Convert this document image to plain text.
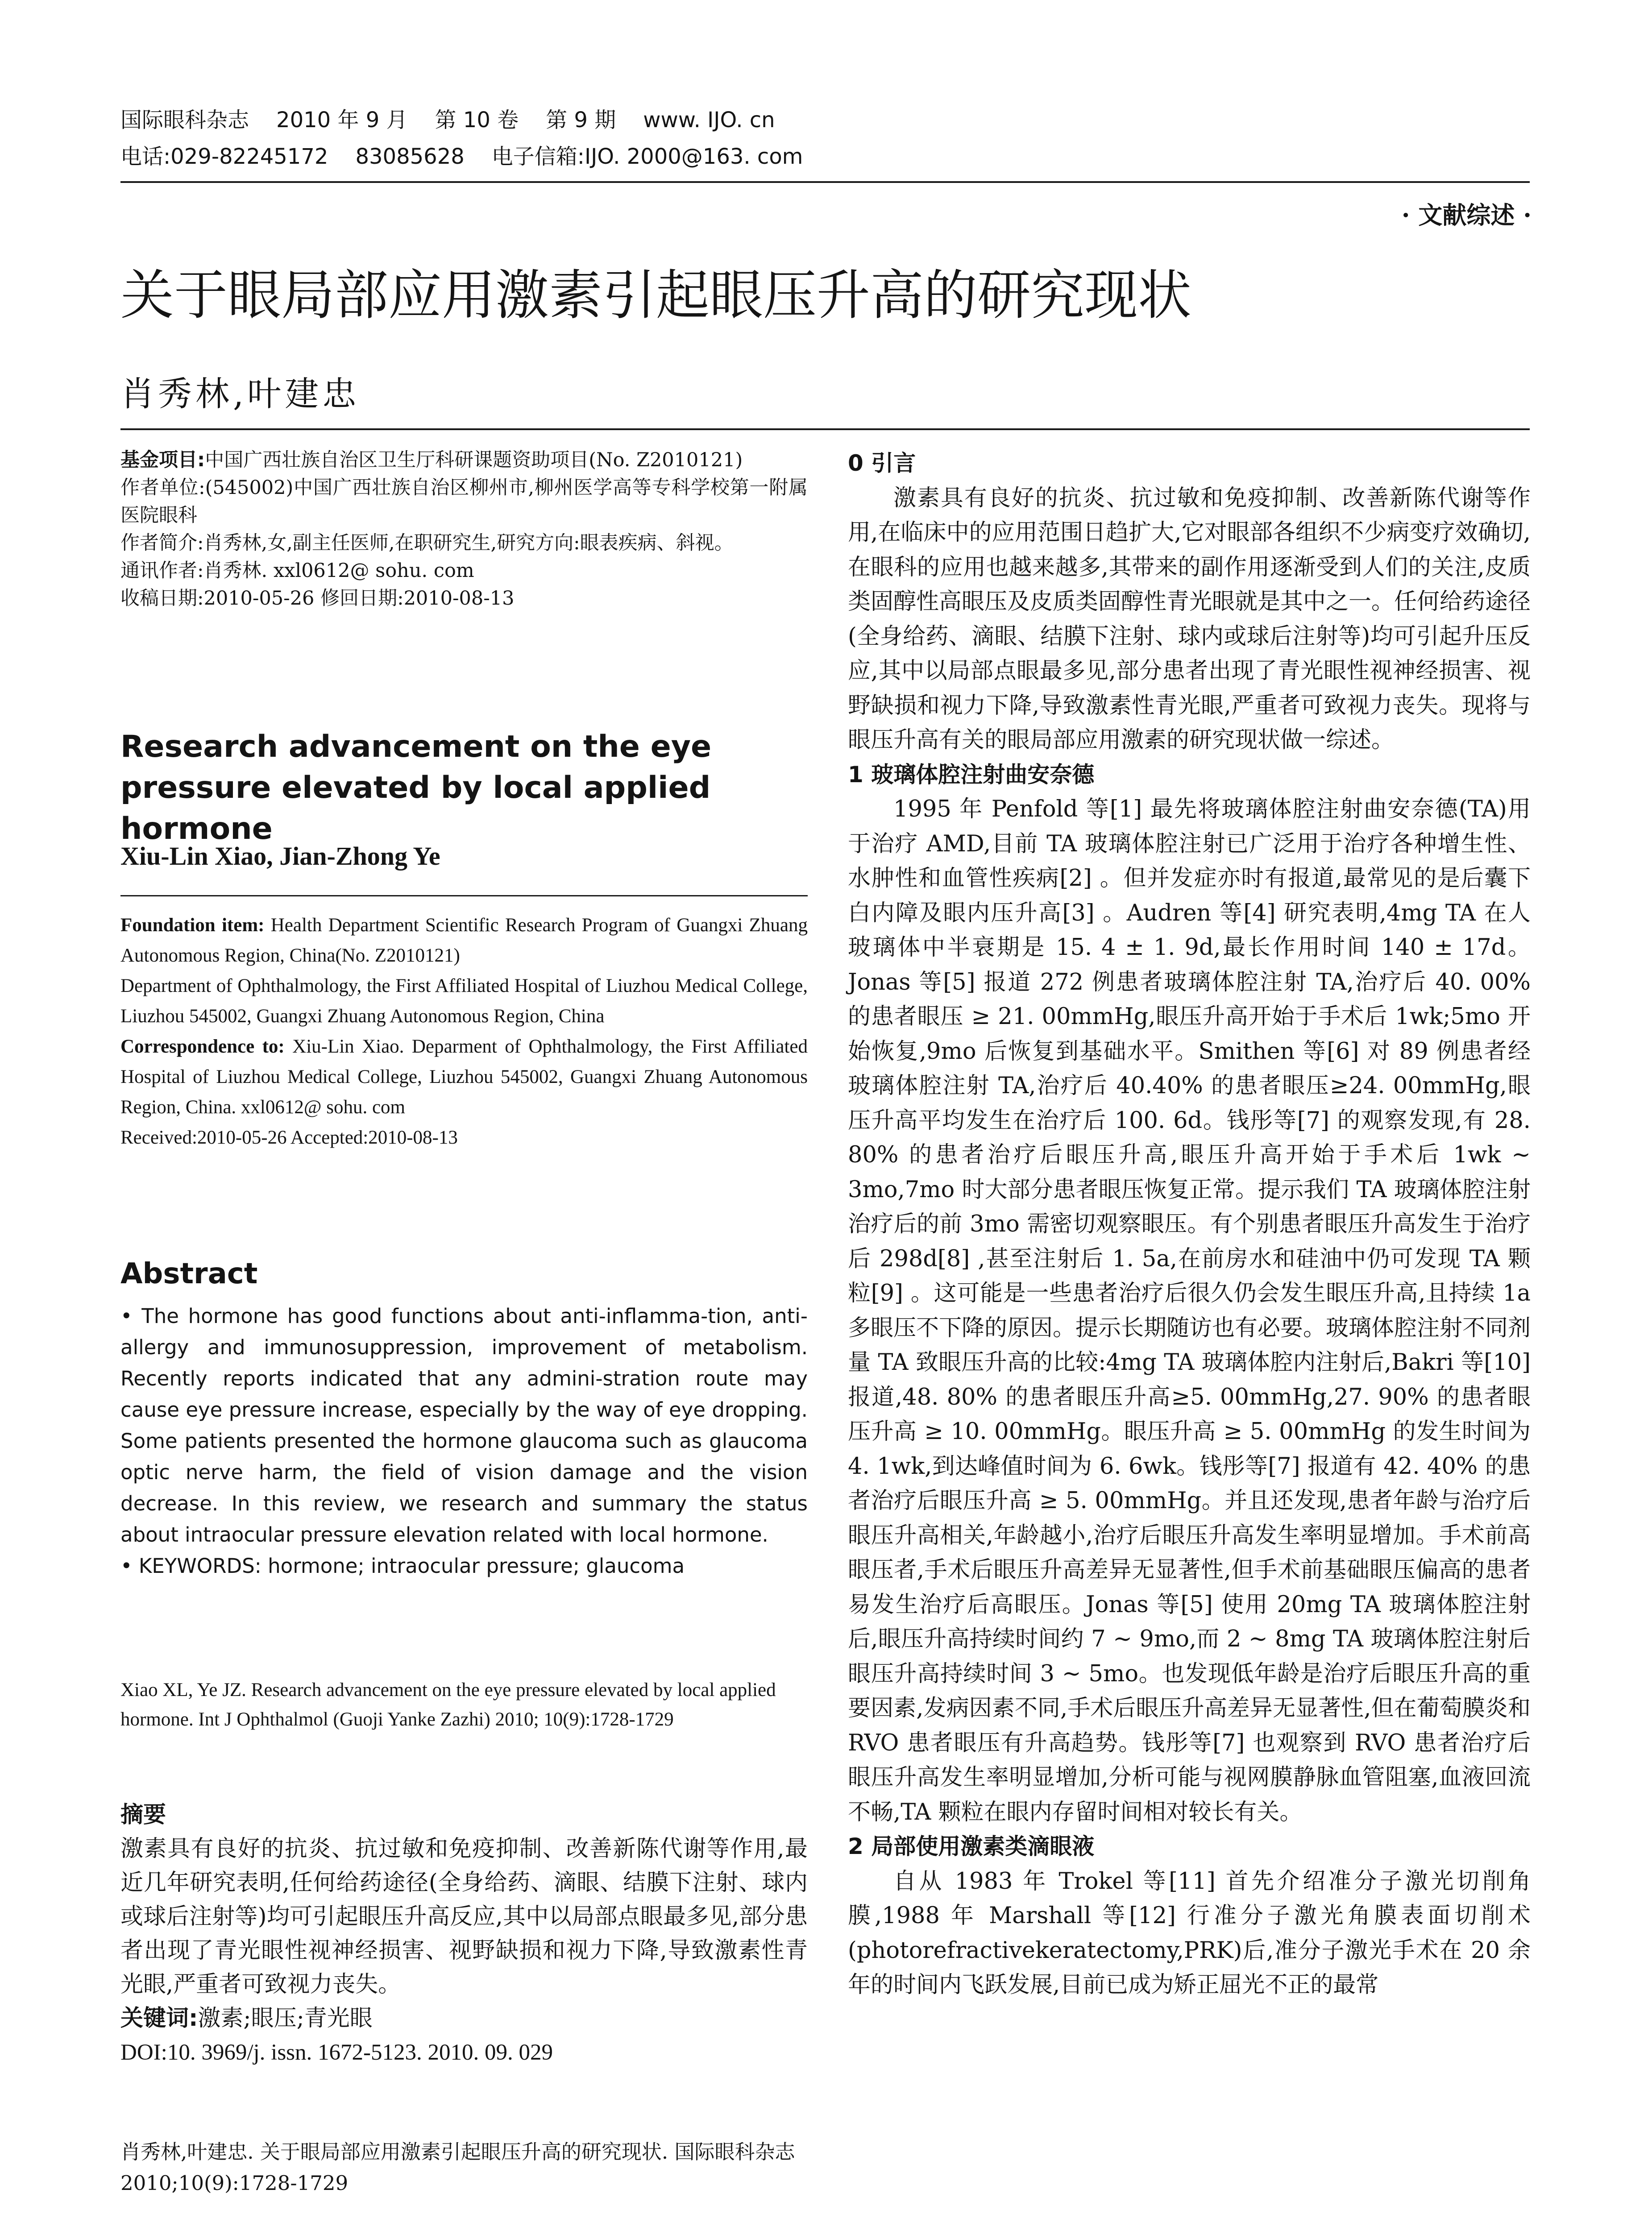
国际眼科杂志    2010 年 9 月    第 10 卷    第 9 期    www. IJO. cn
电话:029-82245172    83085628    电子信箱:IJO. 2000@163. com
· 文献综述 ·
关于眼局部应用激素引起眼压升高的研究现状
肖秀林,叶建忠

基金项目:中国广西壮族自治区卫生厅科研课题资助项目(No. Z2010121)

作者单位:(545002)中国广西壮族自治区柳州市,柳州医学高等专科学校第一附属医院眼科

作者简介:肖秀林,女,副主任医师,在职研究生,研究方向:眼表疾病、斜视。

通讯作者:肖秀林. xxl0612@ sohu. com

收稿日期:2010-05-26 修回日期:2010-08-13

Research advancement on the eye pressure elevated by local applied hormone
Xiu-Lin Xiao, Jian-Zhong Ye

Foundation item: Health Department Scientific Research Program of Guangxi Zhuang Autonomous Region, China(No. Z2010121)

Department of Ophthalmology, the First Affiliated Hospital of Liuzhou Medical College, Liuzhou 545002, Guangxi Zhuang Autonomous Region, China

Correspondence to: Xiu-Lin Xiao. Deparment of Ophthalmology, the First Affiliated Hospital of Liuzhou Medical College, Liuzhou 545002, Guangxi Zhuang Autonomous Region, China. xxl0612@ sohu. com

Received:2010-05-26 Accepted:2010-08-13

Abstract

• The hormone has good functions about anti-inflamma-tion, anti-allergy and immunosuppression, improvement of metabolism. Recently reports indicated that any admini-stration route may cause eye pressure increase, especially by the way of eye dropping. Some patients presented the hormone glaucoma such as glaucoma optic nerve harm, the field of vision damage and the vision decrease. In this review, we research and summary the status about intraocular pressure elevation related with local hormone.

• KEYWORDS: hormone; intraocular pressure; glaucoma

Xiao XL, Ye JZ. Research advancement on the eye pressure elevated by local applied hormone. Int J Ophthalmol (Guoji Yanke Zazhi) 2010; 10(9):1728-1729

摘要

激素具有良好的抗炎、抗过敏和免疫抑制、改善新陈代谢等作用,最近几年研究表明,任何给药途径(全身给药、滴眼、结膜下注射、球内或球后注射等)均可引起眼压升高反应,其中以局部点眼最多见,部分患者出现了青光眼性视神经损害、视野缺损和视力下降,导致激素性青光眼,严重者可致视力丧失。

关键词:激素;眼压;青光眼

DOI:10. 3969/j. issn. 1672-5123. 2010. 09. 029

肖秀林,叶建忠. 关于眼局部应用激素引起眼压升高的研究现状. 国际眼科杂志 2010;10(9):1728-1729
0 引言

激素具有良好的抗炎、抗过敏和免疫抑制、改善新陈代谢等作用,在临床中的应用范围日趋扩大,它对眼部各组织不少病变疗效确切,在眼科的应用也越来越多,其带来的副作用逐渐受到人们的关注,皮质类固醇性高眼压及皮质类固醇性青光眼就是其中之一。任何给药途径(全身给药、滴眼、结膜下注射、球内或球后注射等)均可引起升压反应,其中以局部点眼最多见,部分患者出现了青光眼性视神经损害、视野缺损和视力下降,导致激素性青光眼,严重者可致视力丧失。现将与眼压升高有关的眼局部应用激素的研究现状做一综述。

1 玻璃体腔注射曲安奈德

1995 年 Penfold 等[1] 最先将玻璃体腔注射曲安奈德(TA)用于治疗 AMD,目前 TA 玻璃体腔注射已广泛用于治疗各种增生性、水肿性和血管性疾病[2] 。但并发症亦时有报道,最常见的是后囊下白内障及眼内压升高[3] 。Audren 等[4] 研究表明,4mg TA 在人玻璃体中半衰期是 15. 4 ± 1. 9d,最长作用时间 140 ± 17d。Jonas 等[5] 报道 272 例患者玻璃体腔注射 TA,治疗后 40. 00% 的患者眼压 ≥ 21. 00mmHg,眼压升高开始于手术后 1wk;5mo 开始恢复,9mo 后恢复到基础水平。Smithen 等[6] 对 89 例患者经玻璃体腔注射 TA,治疗后 40.40% 的患者眼压≥24. 00mmHg,眼压升高平均发生在治疗后 100. 6d。钱彤等[7] 的观察发现,有 28. 80% 的患者治疗后眼压升高,眼压升高开始于手术后 1wk ~ 3mo,7mo 时大部分患者眼压恢复正常。提示我们 TA 玻璃体腔注射治疗后的前 3mo 需密切观察眼压。有个别患者眼压升高发生于治疗后 298d[8] ,甚至注射后 1. 5a,在前房水和硅油中仍可发现 TA 颗粒[9] 。这可能是一些患者治疗后很久仍会发生眼压升高,且持续 1a 多眼压不下降的原因。提示长期随访也有必要。玻璃体腔注射不同剂量 TA 致眼压升高的比较:4mg TA 玻璃体腔内注射后,Bakri 等[10] 报道,48. 80% 的患者眼压升高≥5. 00mmHg,27. 90% 的患者眼压升高 ≥ 10. 00mmHg。眼压升高 ≥ 5. 00mmHg 的发生时间为 4. 1wk,到达峰值时间为 6. 6wk。钱彤等[7] 报道有 42. 40% 的患者治疗后眼压升高 ≥ 5. 00mmHg。并且还发现,患者年龄与治疗后眼压升高相关,年龄越小,治疗后眼压升高发生率明显增加。手术前高眼压者,手术后眼压升高差异无显著性,但手术前基础眼压偏高的患者易发生治疗后高眼压。Jonas 等[5] 使用 20mg TA 玻璃体腔注射后,眼压升高持续时间约 7 ~ 9mo,而 2 ~ 8mg TA 玻璃体腔注射后眼压升高持续时间 3 ~ 5mo。也发现低年龄是治疗后眼压升高的重要因素,发病因素不同,手术后眼压升高差异无显著性,但在葡萄膜炎和 RVO 患者眼压有升高趋势。钱彤等[7] 也观察到 RVO 患者治疗后眼压升高发生率明显增加,分析可能与视网膜静脉血管阻塞,血液回流不畅,TA 颗粒在眼内存留时间相对较长有关。

2 局部使用激素类滴眼液

自从 1983 年 Trokel 等[11] 首先介绍准分子激光切削角膜,1988 年 Marshall 等[12] 行准分子激光角膜表面切削术(photorefractivekeratectomy,PRK)后,准分子激光手术在 20 余年的时间内飞跃发展,目前已成为矫正屈光不正的最常
